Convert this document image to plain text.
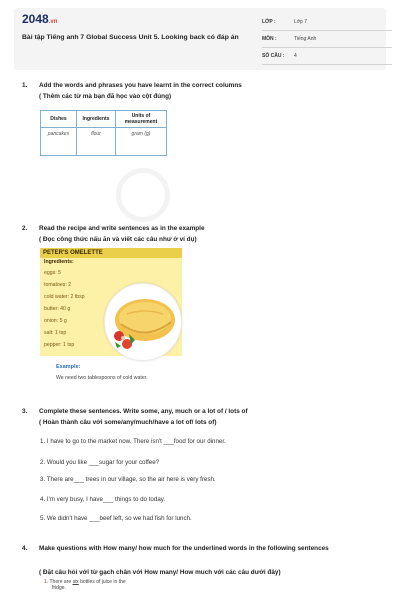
2048.vn
Bài tập Tiếng anh 7 Global Success Unit 5. Looking back có đáp án
LỚP :	Lớp 7
MÔN :	Tiếng Anh
SỐ CÂU :	4
1. Add the words and phrases you have learnt in the correct columns
( Thêm các từ mà bạn đã học vào cột đúng)
Dishes	Ingredients	Units of measurement
pancakes	flour	gram (g)
2. Read the recipe and write sentences as in the example
( Đọc công thức nấu ăn và viết các câu như ở ví dụ)
PETER'S OMELETTE
Ingredients:
eggs: 5
tomatoes: 2
cold water: 2 tbsp
butter: 40 g
onion: 5 g
salt: 1 tsp
pepper: 1 tsp
Example:
We need two tablespoons of cold water.
3. Complete these sentences. Write some, any, much or a lot of / lots of
( Hoàn thành câu với some/any/much/have a lot of/ lots of)
1. I have to go to the market now. There isn't ___food for our dinner.
2. Would you like ___sugar for your coffee?
3. There are___ trees in our village, so the air here is very fresh.
4. I'm very busy, I have___ things to do today.
5. We didn't have ___beef left, so we had fish for lunch.
4. Make questions with How many/ how much for the underlined words in the following sentences
( Đặt câu hỏi với từ gạch chân với How many/ How much với các câu dưới đây)
1. There are six bottles of juice in the
fridge.
